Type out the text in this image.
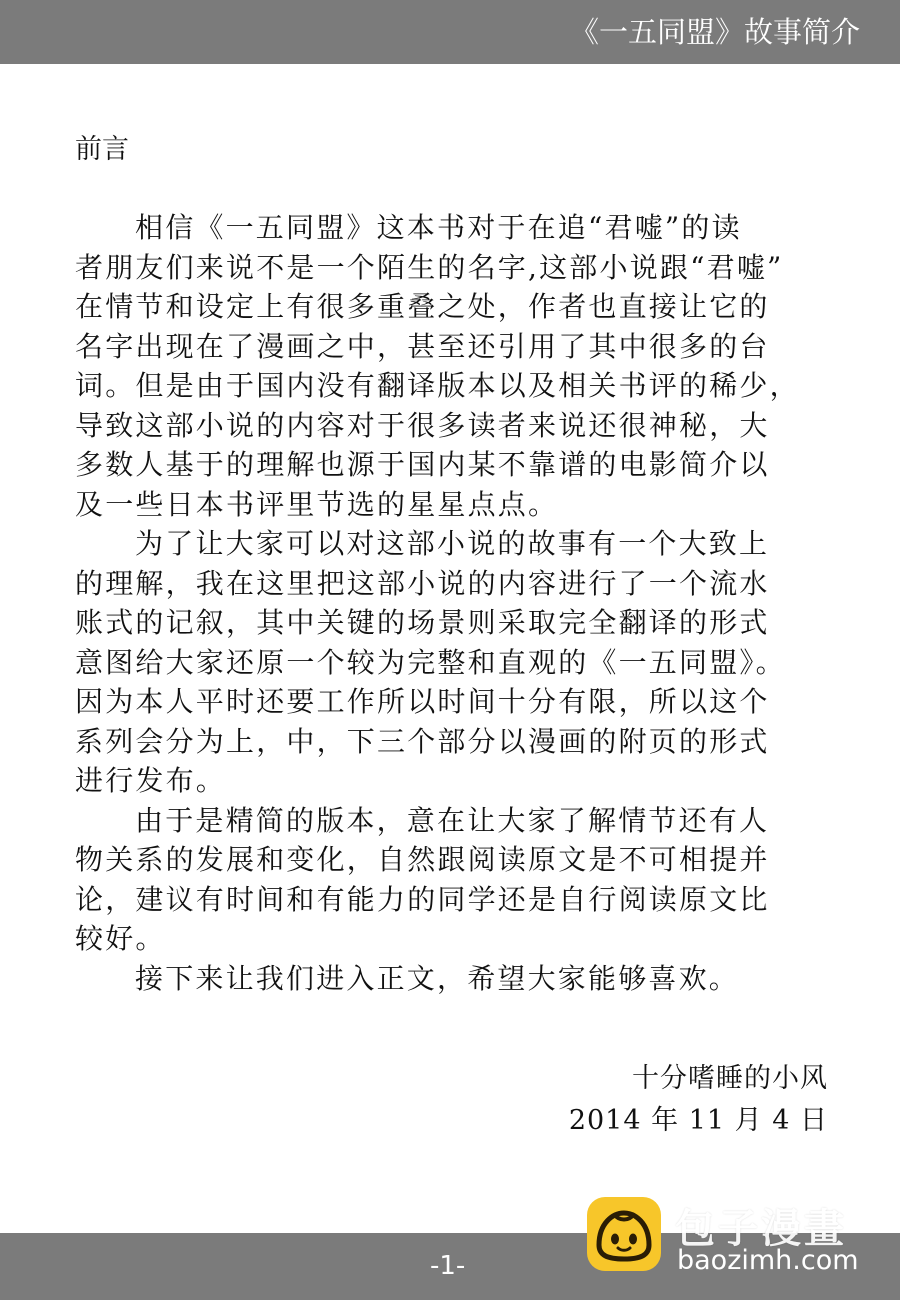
《一五同盟》故事简介
前言
相信《一五同盟》这本书对于在追“君嘘”的读
者朋友们来说不是一个陌生的名字,这部小说跟“君嘘”
在情节和设定上有很多重叠之处，作者也直接让它的
名字出现在了漫画之中，甚至还引用了其中很多的台
词。但是由于国内没有翻译版本以及相关书评的稀少，
导致这部小说的内容对于很多读者来说还很神秘，大
多数人基于的理解也源于国内某不靠谱的电影简介以
及一些日本书评里节选的星星点点。
为了让大家可以对这部小说的故事有一个大致上
的理解，我在这里把这部小说的内容进行了一个流水
账式的记叙，其中关键的场景则采取完全翻译的形式
意图给大家还原一个较为完整和直观的《一五同盟》。
因为本人平时还要工作所以时间十分有限，所以这个
系列会分为上，中，下三个部分以漫画的附页的形式
进行发布。
由于是精简的版本，意在让大家了解情节还有人
物关系的发展和变化，自然跟阅读原文是不可相提并
论，建议有时间和有能力的同学还是自行阅读原文比
较好。
接下来让我们进入正文，希望大家能够喜欢。
十分嗜睡的小风
2014 年 11 月 4 日
-1-
包子漫畫
baozimh.com
